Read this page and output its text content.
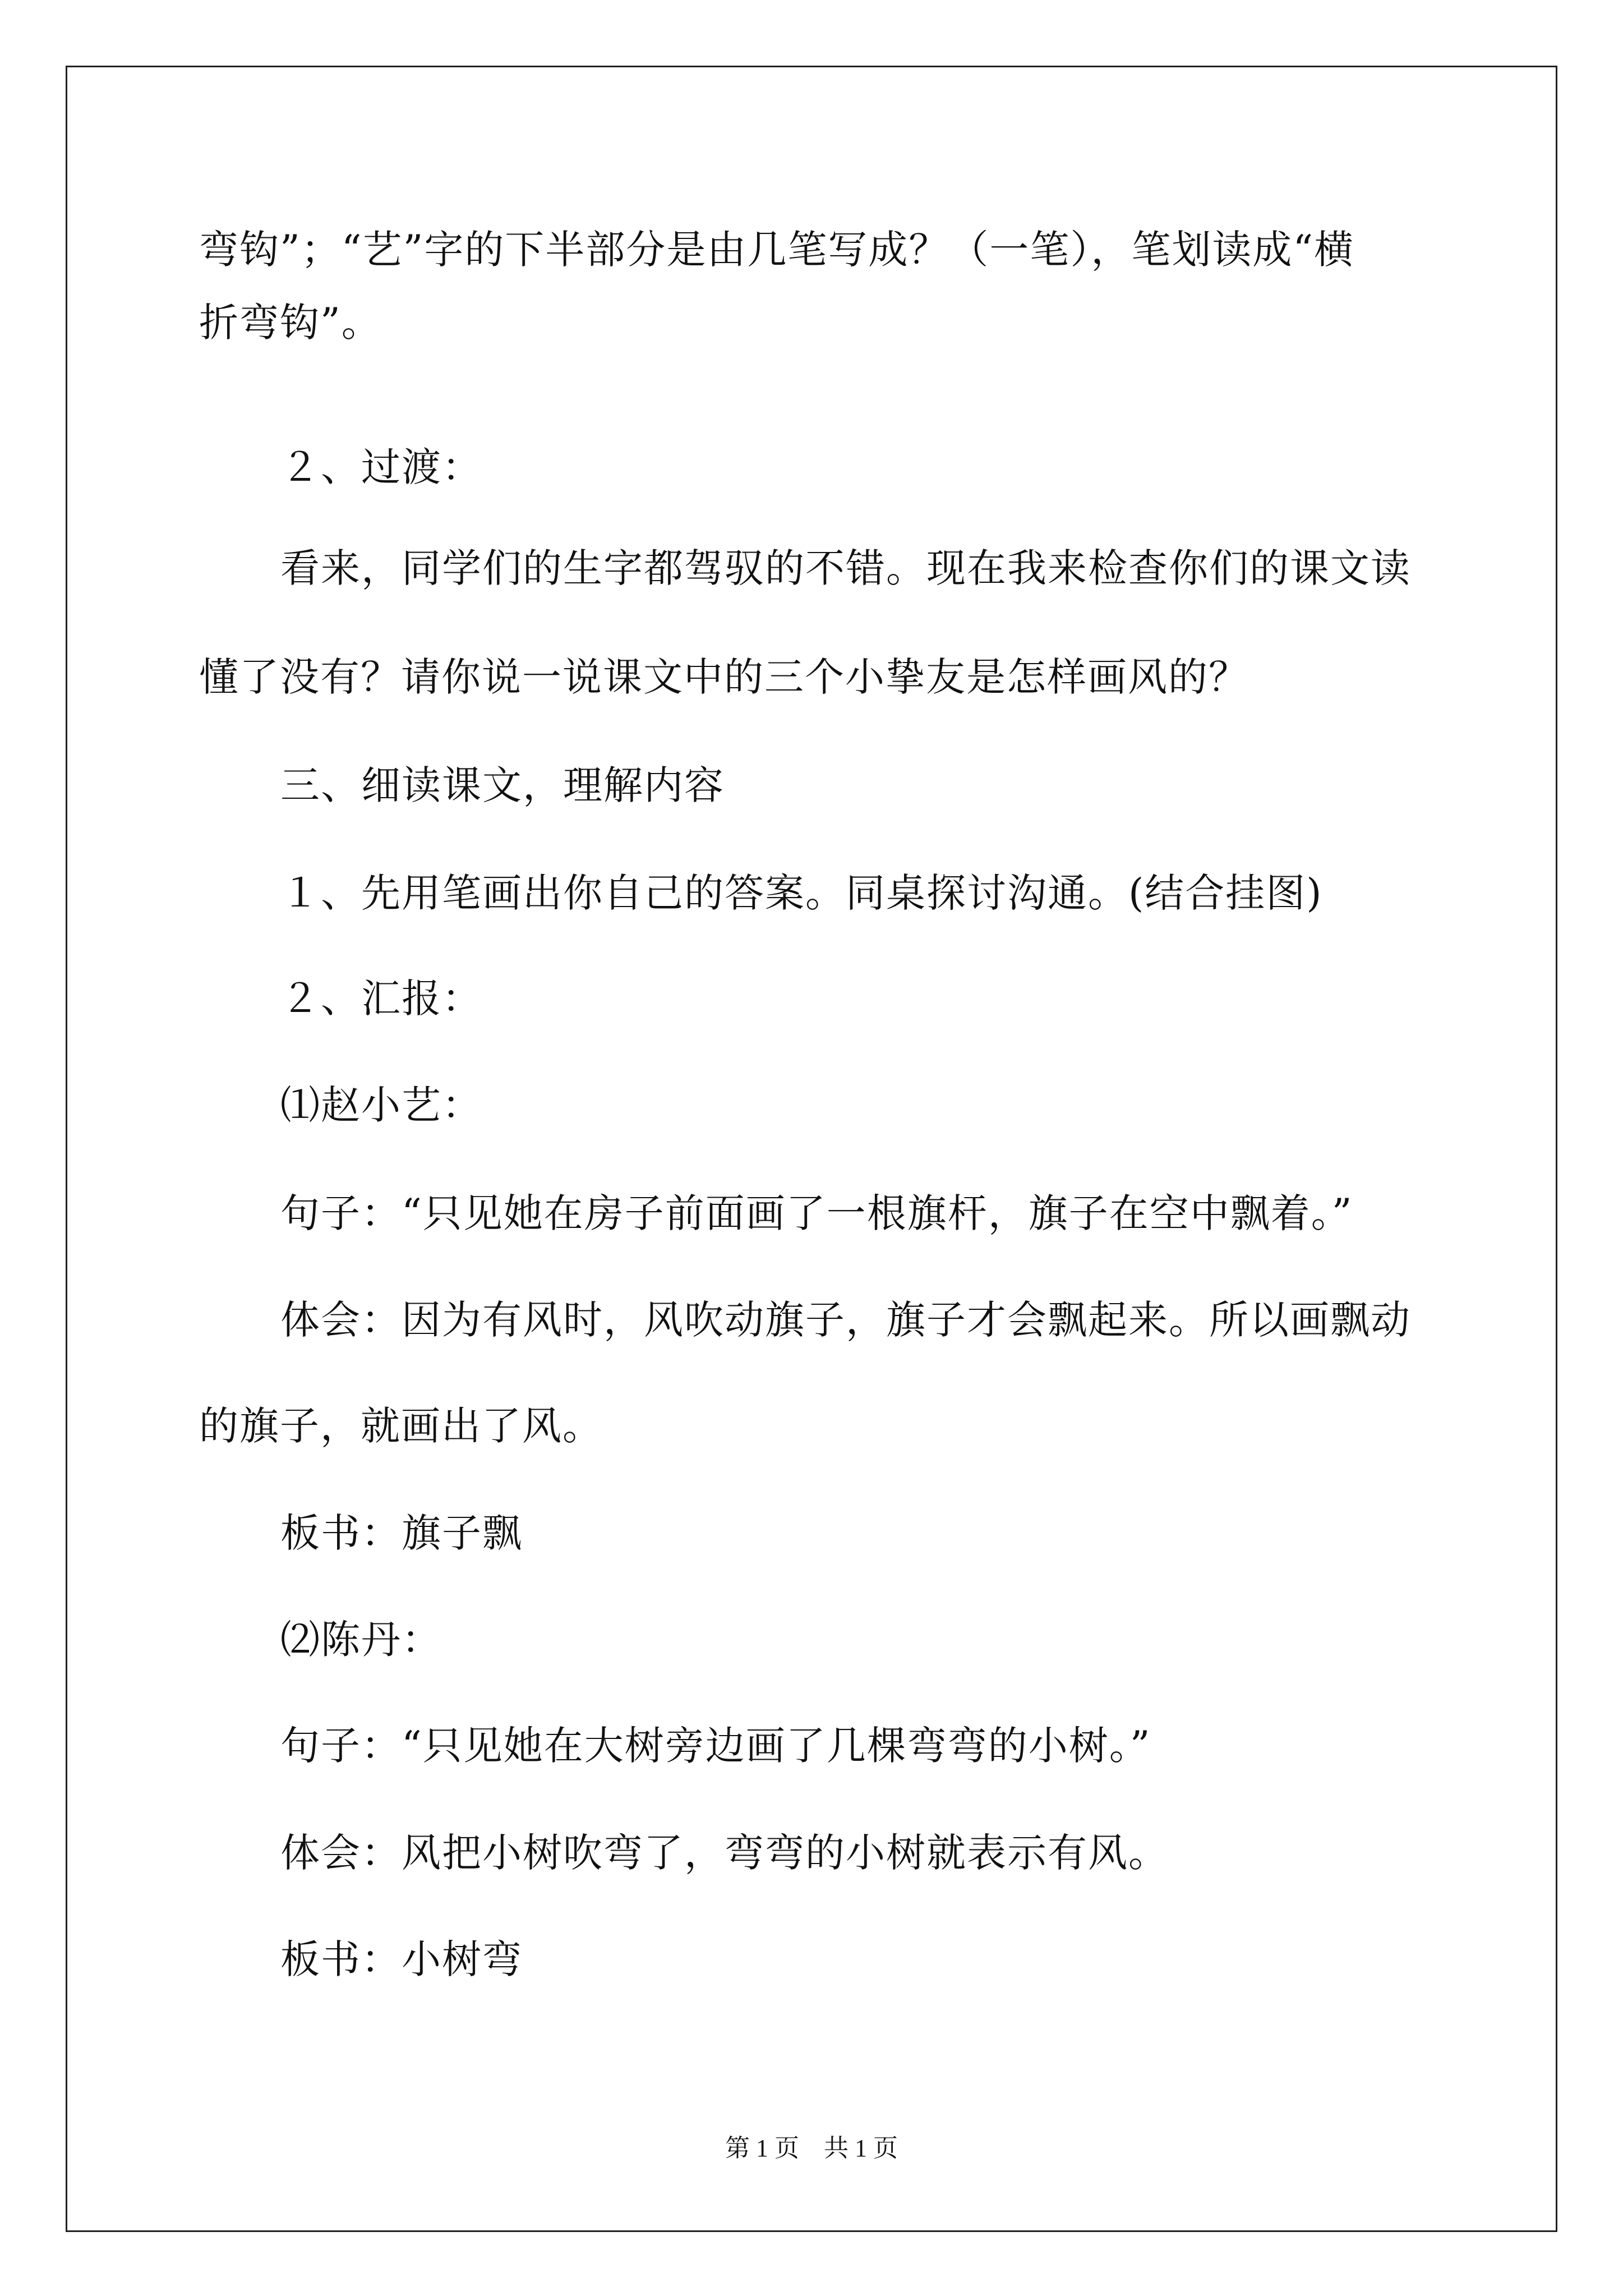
弯钩”；“艺”字的下半部分是由几笔写成？（一笔），笔划读成“横
折弯钩”。
２、过渡：
看来，同学们的生字都驾驭的不错。现在我来检查你们的课文读
懂了没有？请你说一说课文中的三个小挚友是怎样画风的？
三、细读课文，理解内容
１、先用笔画出你自己的答案。同桌探讨沟通。(结合挂图)
２、汇报：
⑴赵小艺：
句子：“只见她在房子前面画了一根旗杆，旗子在空中飘着。”
体会：因为有风时，风吹动旗子，旗子才会飘起来。所以画飘动
的旗子，就画出了风。
板书：旗子飘
⑵陈丹：
句子：“只见她在大树旁边画了几棵弯弯的小树。”
体会：风把小树吹弯了，弯弯的小树就表示有风。
板书：小树弯
第 1 页　共 1 页
